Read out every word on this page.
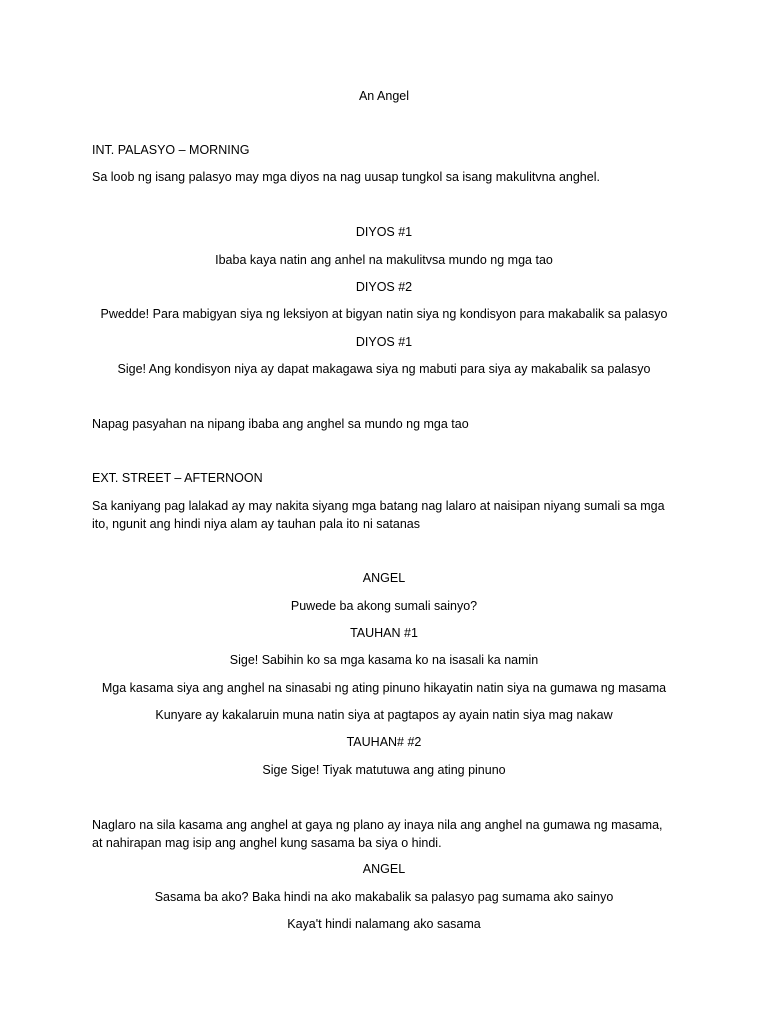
An Angel
INT. PALASYO – MORNING
Sa loob ng isang palasyo may mga diyos na nag uusap tungkol sa isang makulitvna anghel.
DIYOS #1
Ibaba kaya natin ang anhel na makulitvsa mundo ng mga tao
DIYOS #2
Pwedde! Para mabigyan siya ng leksiyon at bigyan natin siya ng kondisyon para makabalik sa palasyo
DIYOS #1
Sige! Ang kondisyon niya ay dapat makagawa siya ng mabuti para siya ay makabalik sa palasyo
Napag pasyahan na nipang ibaba ang anghel sa mundo ng mga tao
EXT. STREET – AFTERNOON
Sa kaniyang pag lalakad ay may nakita siyang mga batang nag lalaro at naisipan niyang sumali sa mga ito, ngunit ang hindi niya alam ay tauhan pala ito ni satanas
ANGEL
Puwede ba akong sumali sainyo?
TAUHAN #1
Sige! Sabihin ko sa mga kasama ko na isasali ka namin
Mga kasama siya ang anghel na sinasabi ng ating pinuno hikayatin natin siya na gumawa ng masama
Kunyare ay kakalaruin muna natin siya at pagtapos ay ayain natin siya mag nakaw
TAUHAN# #2
Sige Sige! Tiyak matutuwa ang ating pinuno
Naglaro na sila kasama ang anghel at gaya ng plano ay inaya nila ang anghel na gumawa ng masama, at nahirapan mag isip ang anghel kung sasama ba siya o hindi.
ANGEL
Sasama ba ako? Baka hindi na ako makabalik sa palasyo pag sumama ako sainyo
Kaya't hindi nalamang ako sasama
